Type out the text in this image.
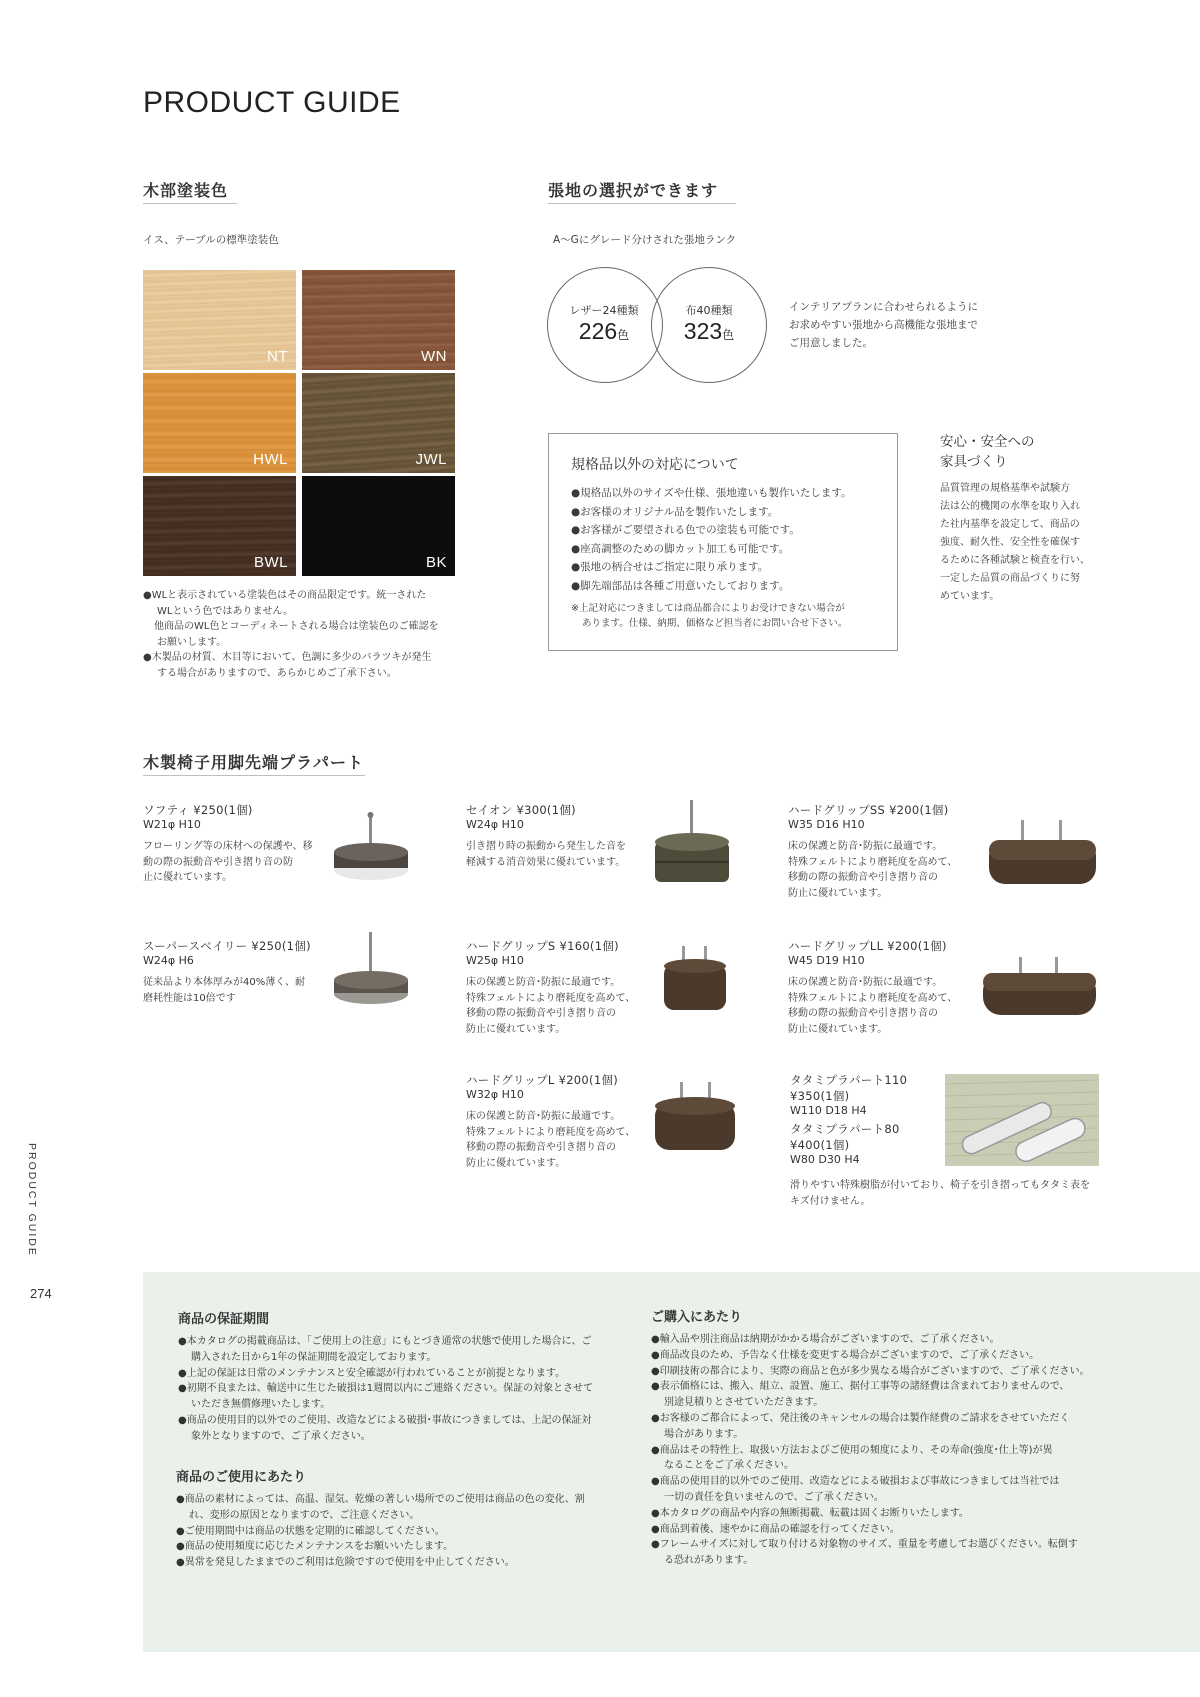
PRODUCT GUIDE
木部塗装色
イス、テーブルの標準塗装色
NT	WN
HWL	JWL
BWL	BK
●WLと表示されている塗装色はその商品限定です。統一された
WLという色ではありません。
他商品のWL色とコーディネートされる場合は塗装色のご確認を
お願いします。
●木製品の材質、木目等において、色調に多少のバラツキが発生
する場合がありますので、あらかじめご了承下さい。
張地の選択ができます
A～Gにグレード分けされた張地ランク
レザー24種類
226色
布40種類
323色
インテリアプランに合わせられるように
お求めやすい張地から高機能な張地まで
ご用意しました。
規格品以外の対応について
●規格品以外のサイズや仕様、張地違いも製作いたします。
●お客様のオリジナル品を製作いたします。
●お客様がご要望される色での塗装も可能です。
●座高調整のための脚カット加工も可能です。
●張地の柄合せはご指定に限り承ります。
●脚先端部品は各種ご用意いたしております。
※上記対応につきましては商品都合によりお受けできない場合が
あります。仕様、納期、価格など担当者にお問い合せ下さい。
安心・安全への
家具づくり
品質管理の規格基準や試験方
法は公的機関の水準を取り入れ
た社内基準を設定して、商品の
強度、耐久性、安全性を確保す
るために各種試験と検査を行い、
一定した品質の商品づくりに努
めています。
木製椅子用脚先端プラパート
ソフティ ¥250(1個)
W21φ H10
フローリング等の床材への保護や、移
動の際の振動音や引き摺り音の防
止に優れています。
セイオン ¥300(1個)
W24φ H10
引き摺り時の振動から発生した音を
軽減する消音効果に優れています。
ハードグリップSS ¥200(1個)
W35 D16 H10
床の保護と防音･防振に最適です。
特殊フェルトにより磨耗度を高めて、
移動の際の振動音や引き摺り音の
防止に優れています。
スーパースベイリー ¥250(1個)
W24φ H6
従来品より本体厚みが40%薄く、耐
磨耗性能は10倍です
ハードグリップS ¥160(1個)
W25φ H10
床の保護と防音･防振に最適です。
特殊フェルトにより磨耗度を高めて、
移動の際の振動音や引き摺り音の
防止に優れています。
ハードグリップLL ¥200(1個)
W45 D19 H10
床の保護と防音･防振に最適です。
特殊フェルトにより磨耗度を高めて、
移動の際の振動音や引き摺り音の
防止に優れています。
ハードグリップL ¥200(1個)
W32φ H10
床の保護と防音･防振に最適です。
特殊フェルトにより磨耗度を高めて、
移動の際の振動音や引き摺り音の
防止に優れています。
タタミプラパート110
¥350(1個)
W110 D18 H4
タタミプラパート80
¥400(1個)
W80 D30 H4
滑りやすい特殊樹脂が付いており、椅子を引き摺ってもタタミ表を
キズ付けません。
PRODUCT GUIDE
274
商品の保証期間
●本カタログの掲載商品は、「ご使用上の注意」にもとづき通常の状態で使用した場合に、ご
購入された日から1年の保証期間を設定しております。
●上記の保証は日常のメンテナンスと安全確認が行われていることが前提となります。
●初期不良または、輸送中に生じた破損は1週間以内にご連絡ください。保証の対象とさせて
いただき無償修理いたします。
●商品の使用目的以外でのご使用、改造などによる破損･事故につきましては、上記の保証対
象外となりますので、ご了承ください。
商品のご使用にあたり
●商品の素材によっては、高温、湿気、乾燥の著しい場所でのご使用は商品の色の変化、割
れ、変形の原因となりますので、ご注意ください。
●ご使用期間中は商品の状態を定期的に確認してください。
●商品の使用頻度に応じたメンテナンスをお願いいたします。
●異常を発見したままでのご利用は危険ですので使用を中止してください。
ご購入にあたり
●輸入品や別注商品は納期がかかる場合がございますので、ご了承ください。
●商品改良のため、予告なく仕様を変更する場合がございますので、ご了承ください。
●印刷技術の都合により、実際の商品と色が多少異なる場合がございますので、ご了承ください。
●表示価格には、搬入、組立、設置、施工、据付工事等の諸経費は含まれておりませんので、
別途見積りとさせていただきます。
●お客様のご都合によって、発注後のキャンセルの場合は製作経費のご請求をさせていただく
場合があります。
●商品はその特性上、取扱い方法およびご使用の頻度により、その寿命(強度･仕上等)が異
なることをご了承ください。
●商品の使用目的以外でのご使用、改造などによる破損および事故につきましては当社では
一切の責任を負いませんので、ご了承ください。
●本カタログの商品や内容の無断掲載、転載は固くお断りいたします。
●商品到着後、速やかに商品の確認を行ってください。
●フレームサイズに対して取り付ける対象物のサイズ、重量を考慮してお選びください。転倒す
る恐れがあります。
